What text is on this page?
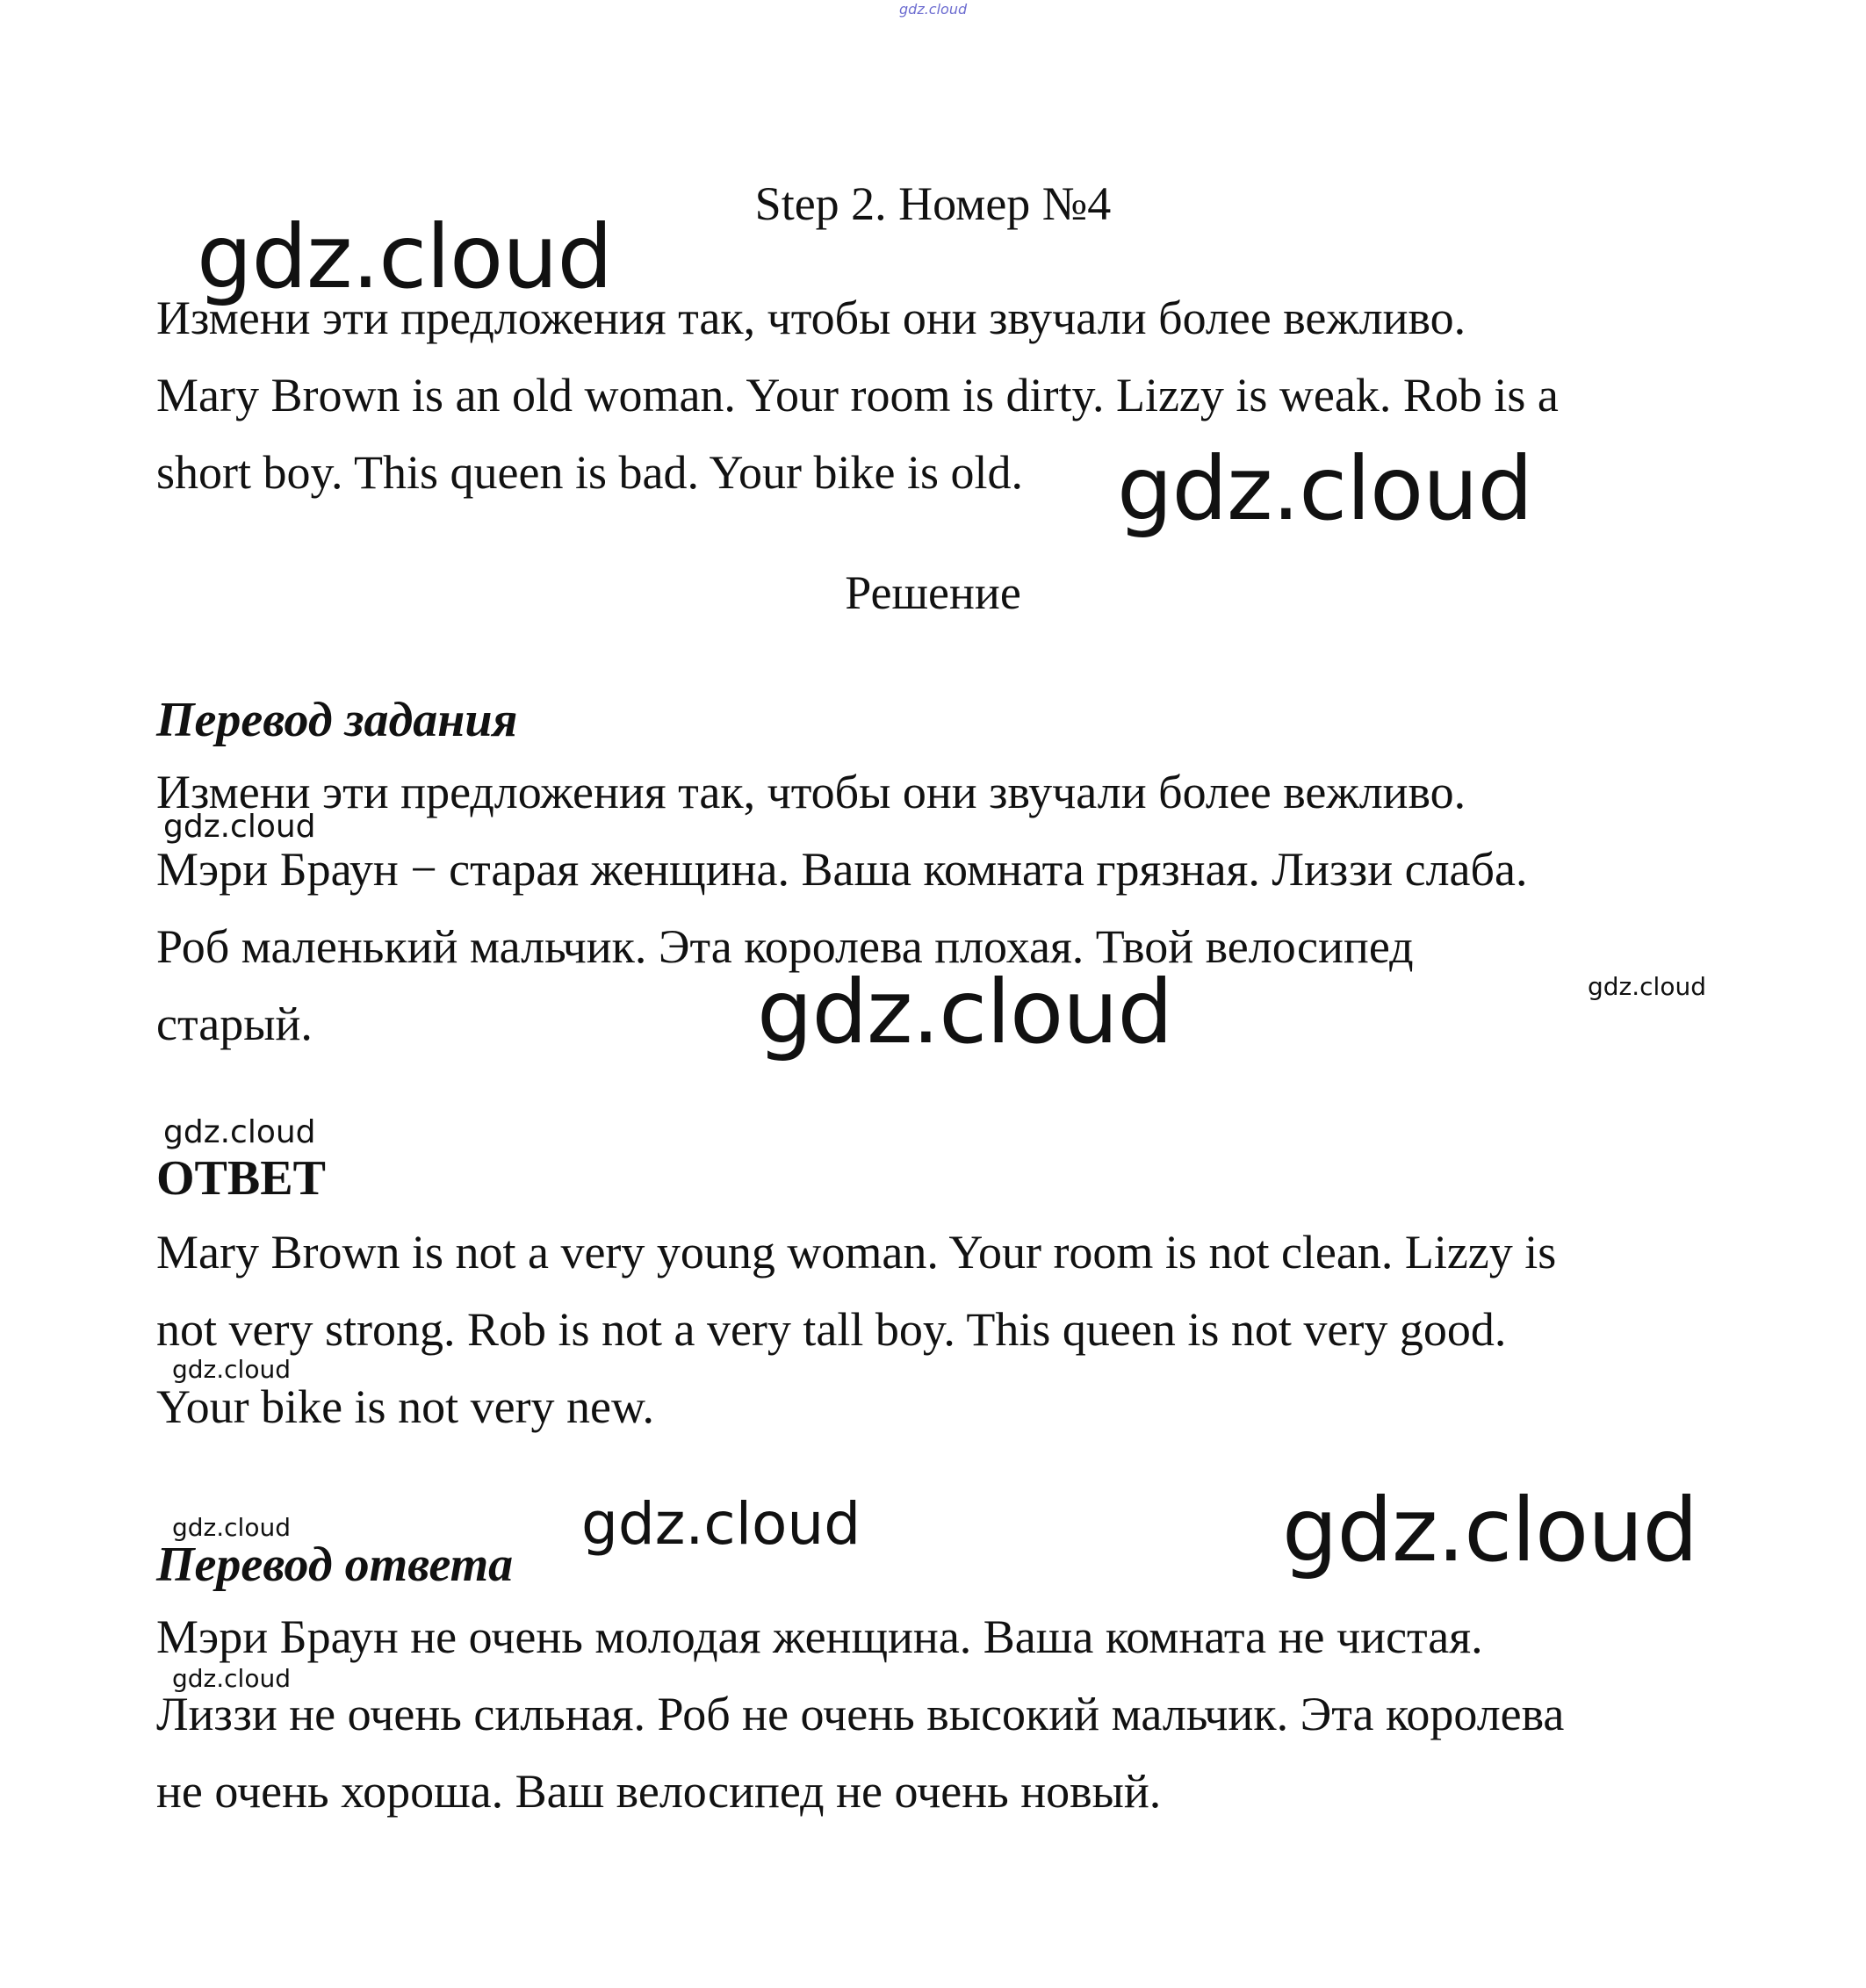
gdz.cloud
Step 2. Номер №4
gdz.cloud

Измени эти предложения так, чтобы они звучали более вежливо.

Mary Brown is an old woman. Your room is dirty. Lizzy is weak. Rob is a

short boy. This queen is bad. Your bike is old.	gdz.cloud
Решение
Перевод задания

Измени эти предложения так, чтобы они звучали более вежливо.

gdz.cloud

Мэри Браун − старая женщина. Ваша комната грязная. Лиззи слаба.

Роб маленький мальчик. Эта королева плохая. Твой велосипед

gdz.cloud

старый.	gdz.cloud
gdz.cloud
ОТВЕТ

Mary Brown is not a very young woman. Your room is not clean. Lizzy is

not very strong. Rob is not a very tall boy. This queen is not very good.

gdz.cloud

Your bike is not very new.

gdz.cloud	gdz.cloud	gdz.cloud
Перевод ответа

Мэри Браун не очень молодая женщина. Ваша комната не чистая.

gdz.cloud

Лиззи не очень сильная. Роб не очень высокий мальчик. Эта королева

не очень хороша. Ваш велосипед не очень новый.
